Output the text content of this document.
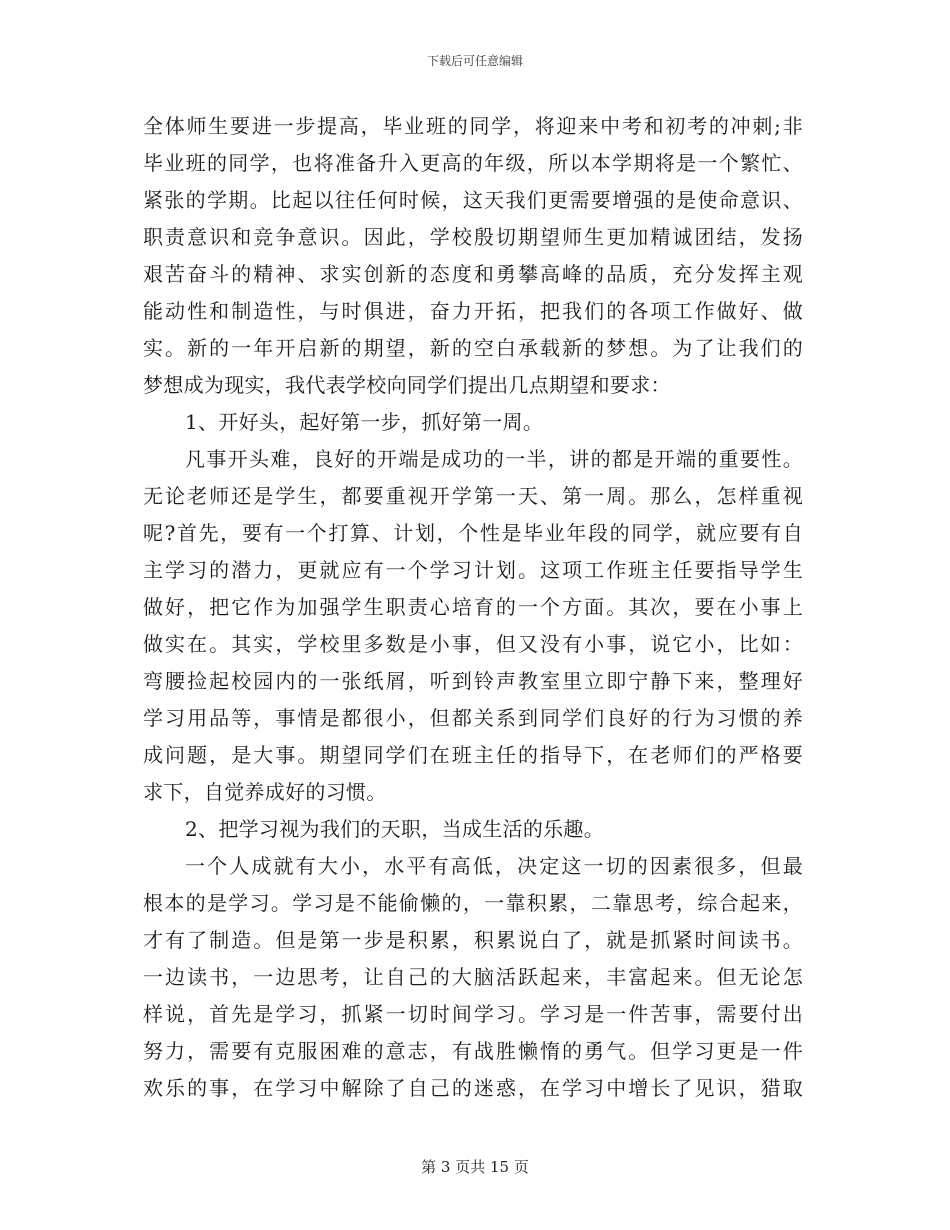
下载后可任意编辑
全体师生要进一步提高，毕业班的同学，将迎来中考和初考的冲刺;非
毕业班的同学，也将准备升入更高的年级，所以本学期将是一个繁忙、
紧张的学期。比起以往任何时候，这天我们更需要增强的是使命意识、
职责意识和竞争意识。因此，学校殷切期望师生更加精诚团结，发扬
艰苦奋斗的精神、求实创新的态度和勇攀高峰的品质，充分发挥主观
能动性和制造性，与时俱进，奋力开拓，把我们的各项工作做好、做
实。新的一年开启新的期望，新的空白承载新的梦想。为了让我们的
梦想成为现实，我代表学校向同学们提出几点期望和要求：
1、开好头，起好第一步，抓好第一周。
凡事开头难，良好的开端是成功的一半，讲的都是开端的重要性。
无论老师还是学生，都要重视开学第一天、第一周。那么，怎样重视
呢?首先，要有一个打算、计划，个性是毕业年段的同学，就应要有自
主学习的潜力，更就应有一个学习计划。这项工作班主任要指导学生
做好，把它作为加强学生职责心培育的一个方面。其次，要在小事上
做实在。其实，学校里多数是小事，但又没有小事，说它小，比如：
弯腰捡起校园内的一张纸屑，听到铃声教室里立即宁静下来，整理好
学习用品等，事情是都很小，但都关系到同学们良好的行为习惯的养
成问题，是大事。期望同学们在班主任的指导下，在老师们的严格要
求下，自觉养成好的习惯。
2、把学习视为我们的天职，当成生活的乐趣。
一个人成就有大小，水平有高低，决定这一切的因素很多，但最
根本的是学习。学习是不能偷懒的，一靠积累，二靠思考，综合起来，
才有了制造。但是第一步是积累，积累说白了，就是抓紧时间读书。
一边读书，一边思考，让自己的大脑活跃起来，丰富起来。但无论怎
样说，首先是学习，抓紧一切时间学习。学习是一件苦事，需要付出
努力，需要有克服困难的意志，有战胜懒惰的勇气。但学习更是一件
欢乐的事，在学习中解除了自己的迷惑，在学习中增长了见识，猎取
第 3 页共 15 页
